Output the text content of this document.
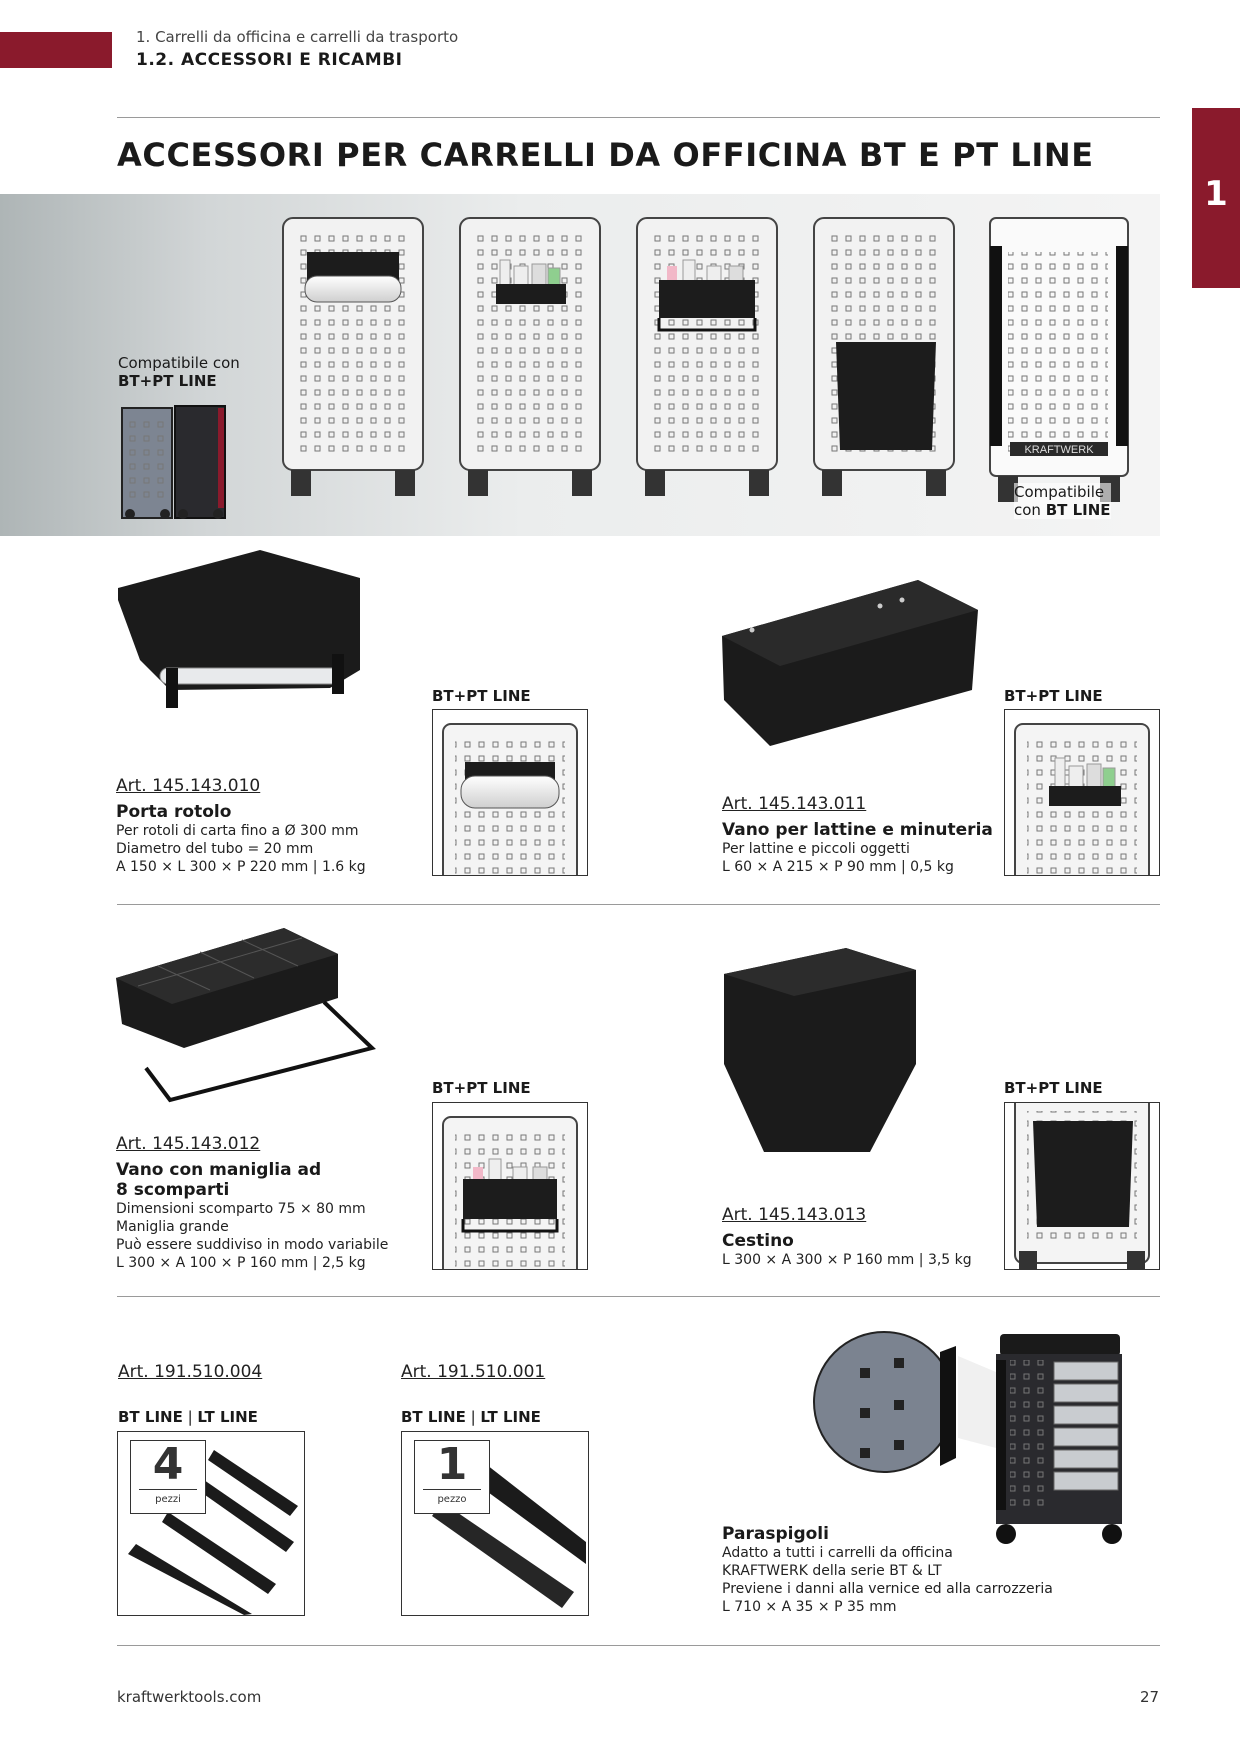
1. Carrelli da officina e carrelli da trasporto
1.2. ACCESSORI E RICAMBI
1
ACCESSORI PER CARRELLI DA OFFICINA BT E PT LINE
KRAFTWERK
Compatibile con
BT+PT LINE
Compatibile
con BT LINE
BT+PT LINE
Art. 145.143.010
Porta rotolo
Per rotoli di carta fino a Ø 300 mm
Diametro del tubo = 20 mm
A 150 × L 300 × P 220 mm | 1.6 kg
BT+PT LINE
Art. 145.143.011
Vano per lattine e minuteria
Per lattine e piccoli oggetti
L 60 × A 215 × P 90 mm | 0,5 kg
BT+PT LINE
Art. 145.143.012
Vano con maniglia ad 8 scomparti
Dimensioni scomparto 75 × 80 mm
Maniglia grande
Può essere suddiviso in modo variabile
L 300 × A 100 × P 160 mm | 2,5 kg
BT+PT LINE
Art. 145.143.013
Cestino
L 300 × A 300 × P 160 mm | 3,5 kg
Art. 191.510.004
BT LINE | LT LINE
4
pezzi
Art. 191.510.001
BT LINE | LT LINE
1
pezzo
Paraspigoli
Adatto a tutti i carrelli da officina
KRAFTWERK della serie BT & LT
Previene i danni alla vernice ed alla carrozzeria
L 710 × A 35 × P 35 mm
kraftwerktools.com	27
